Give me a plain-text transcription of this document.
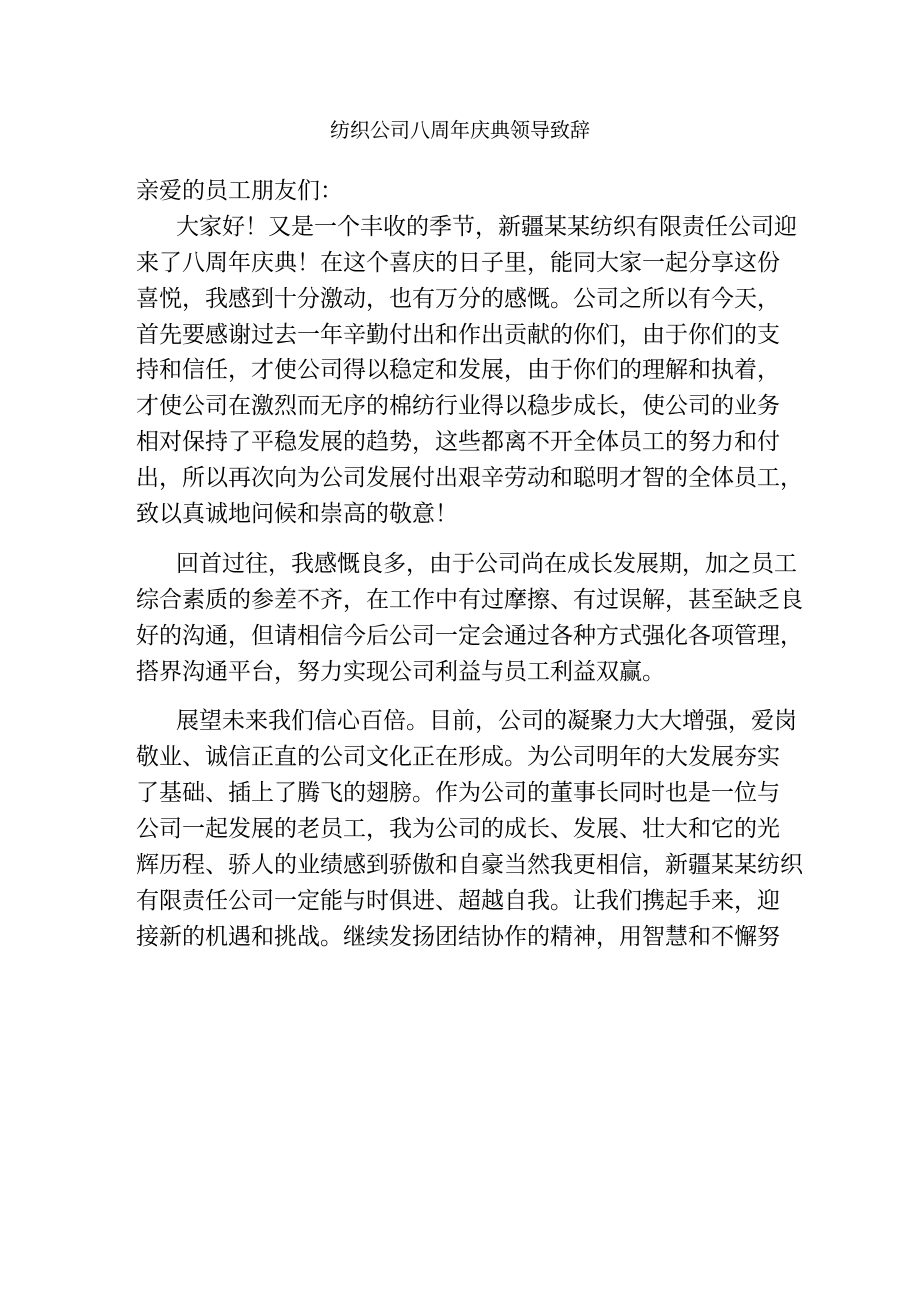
纺织公司八周年庆典领导致辞
亲爱的员工朋友们：
大家好！又是一个丰收的季节，新疆某某纺织有限责任公司迎
来了八周年庆典！在这个喜庆的日子里，能同大家一起分享这份
喜悦，我感到十分激动，也有万分的感慨。公司之所以有今天，
首先要感谢过去一年辛勤付出和作出贡献的你们，由于你们的支
持和信任，才使公司得以稳定和发展，由于你们的理解和执着，
才使公司在激烈而无序的棉纺行业得以稳步成长，使公司的业务
相对保持了平稳发展的趋势，这些都离不开全体员工的努力和付
出，所以再次向为公司发展付出艰辛劳动和聪明才智的全体员工，
致以真诚地问候和崇高的敬意！
回首过往，我感慨良多，由于公司尚在成长发展期，加之员工
综合素质的参差不齐，在工作中有过摩擦、有过误解，甚至缺乏良
好的沟通，但请相信今后公司一定会通过各种方式强化各项管理，
搭界沟通平台，努力实现公司利益与员工利益双赢。
展望未来我们信心百倍。目前，公司的凝聚力大大增强，爱岗
敬业、诚信正直的公司文化正在形成。为公司明年的大发展夯实
了基础、插上了腾飞的翅膀。作为公司的董事长同时也是一位与
公司一起发展的老员工，我为公司的成长、发展、壮大和它的光
辉历程、骄人的业绩感到骄傲和自豪当然我更相信，新疆某某纺织
有限责任公司一定能与时俱进、超越自我。让我们携起手来，迎
接新的机遇和挑战。继续发扬团结协作的精神，用智慧和不懈努
